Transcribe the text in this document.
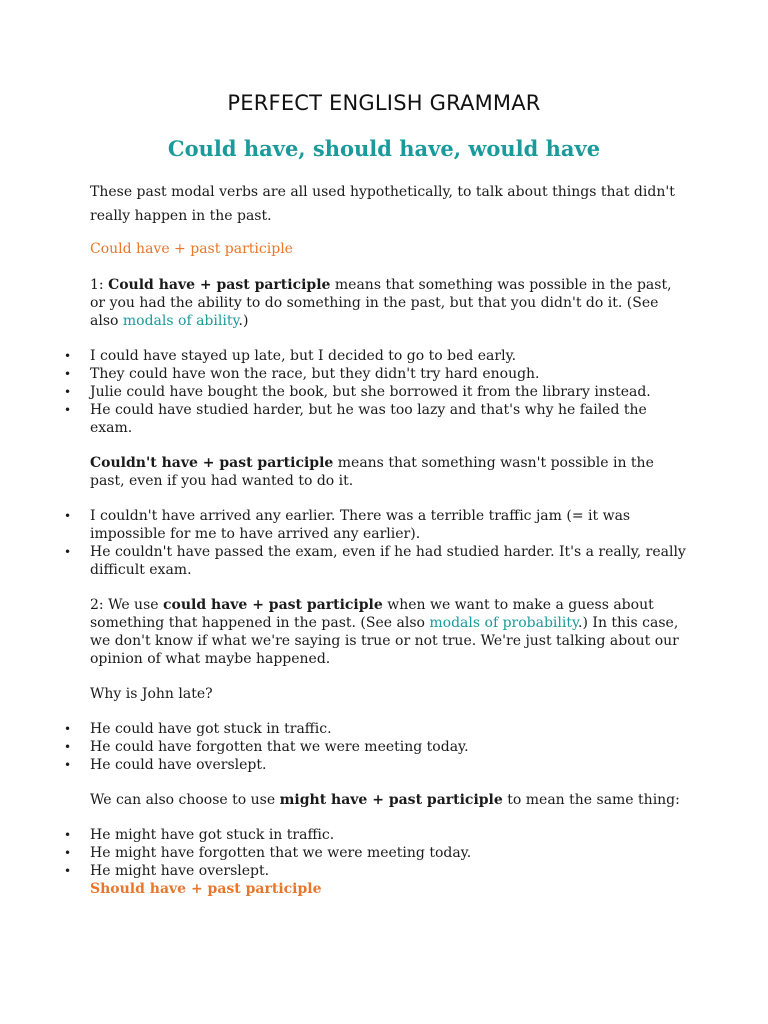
PERFECT ENGLISH GRAMMAR
Could have, should have, would have

These past modal verbs are all used hypothetically, to talk about things that didn't really happen in the past.

Could have + past participle

1: Could have + past participle means that something was possible in the past, or you had the ability to do something in the past, but that you didn't do it. (See also modals of ability.)

• I could have stayed up late, but I decided to go to bed early.
• They could have won the race, but they didn't try hard enough.
• Julie could have bought the book, but she borrowed it from the library instead.
• He could have studied harder, but he was too lazy and that's why he failed the exam.

Couldn't have + past participle means that something wasn't possible in the past, even if you had wanted to do it.

• I couldn't have arrived any earlier. There was a terrible traffic jam (= it was impossible for me to have arrived any earlier).
• He couldn't have passed the exam, even if he had studied harder. It's a really, really difficult exam.

2: We use could have + past participle when we want to make a guess about something that happened in the past. (See also modals of probability.) In this case, we don't know if what we're saying is true or not true. We're just talking about our opinion of what maybe happened.

Why is John late?

• He could have got stuck in traffic.
• He could have forgotten that we were meeting today.
• He could have overslept.

We can also choose to use might have + past participle to mean the same thing:

• He might have got stuck in traffic.
• He might have forgotten that we were meeting today.
• He might have overslept.
Should have + past participle
